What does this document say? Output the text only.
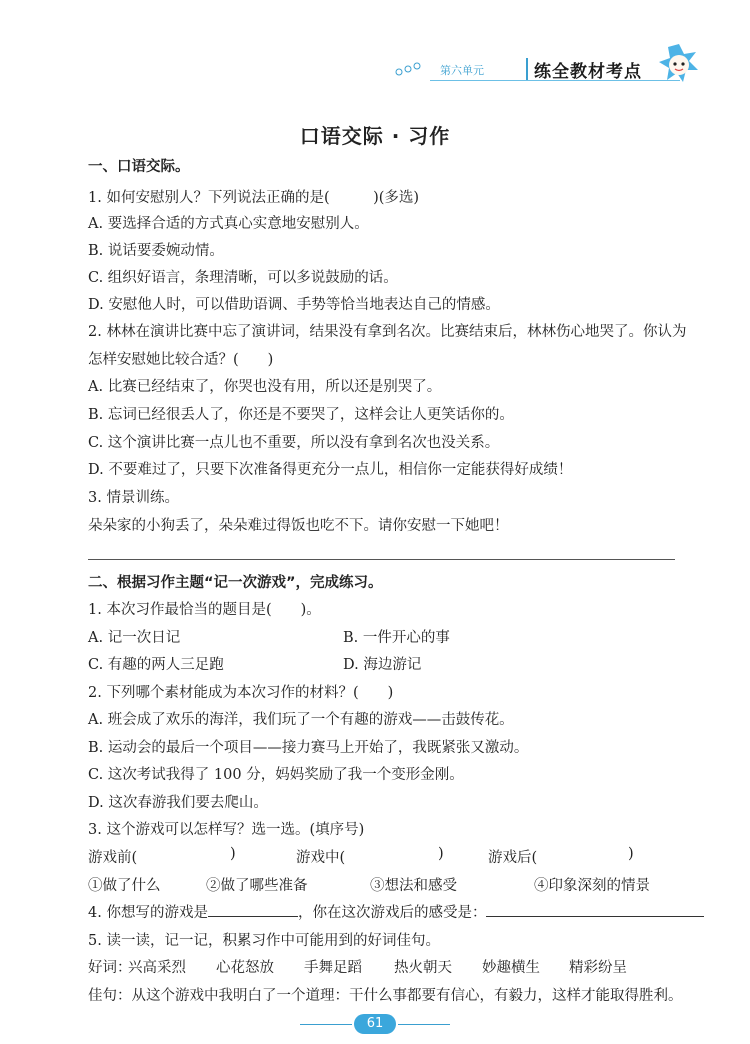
第六单元	练全教材考点
口语交际 · 习作
一、口语交际。
1. 如何安慰别人？下列说法正确的是(　　　)(多选)
A. 要选择合适的方式真心实意地安慰别人。
B. 说话要委婉动情。
C. 组织好语言，条理清晰，可以多说鼓励的话。
D. 安慰他人时，可以借助语调、手势等恰当地表达自己的情感。
2. 林林在演讲比赛中忘了演讲词，结果没有拿到名次。比赛结束后，林林伤心地哭了。你认为
怎样安慰她比较合适？(　　)
A. 比赛已经结束了，你哭也没有用，所以还是别哭了。
B. 忘词已经很丢人了，你还是不要哭了，这样会让人更笑话你的。
C. 这个演讲比赛一点儿也不重要，所以没有拿到名次也没关系。
D. 不要难过了，只要下次准备得更充分一点儿，相信你一定能获得好成绩！
3. 情景训练。
朵朵家的小狗丢了，朵朵难过得饭也吃不下。请你安慰一下她吧！
二、根据习作主题“记一次游戏”，完成练习。
1. 本次习作最恰当的题目是(　　)。
A. 记一次日记	B. 一件开心的事
C. 有趣的两人三足跑	D. 海边游记
2. 下列哪个素材能成为本次习作的材料？(　　)
A. 班会成了欢乐的海洋，我们玩了一个有趣的游戏——击鼓传花。
B. 运动会的最后一个项目——接力赛马上开始了，我既紧张又激动。
C. 这次考试我得了 100 分，妈妈奖励了我一个变形金刚。
D. 这次春游我们要去爬山。
3. 这个游戏可以怎样写？选一选。(填序号)
游戏前(	)	游戏中(	)	游戏后(	)
①做了什么	②做了哪些准备	③想法和感受	④印象深刻的情景
4. 你想写的游戏是	，你在这次游戏后的感受是：
5. 读一读，记一记，积累习作中可能用到的好词佳句。
好词：
兴高采烈 心花怒放 手舞足蹈 热火朝天 妙趣横生 精彩纷呈
佳句：从这个游戏中我明白了一个道理：干什么事都要有信心，有毅力，这样才能取得胜利。
61
